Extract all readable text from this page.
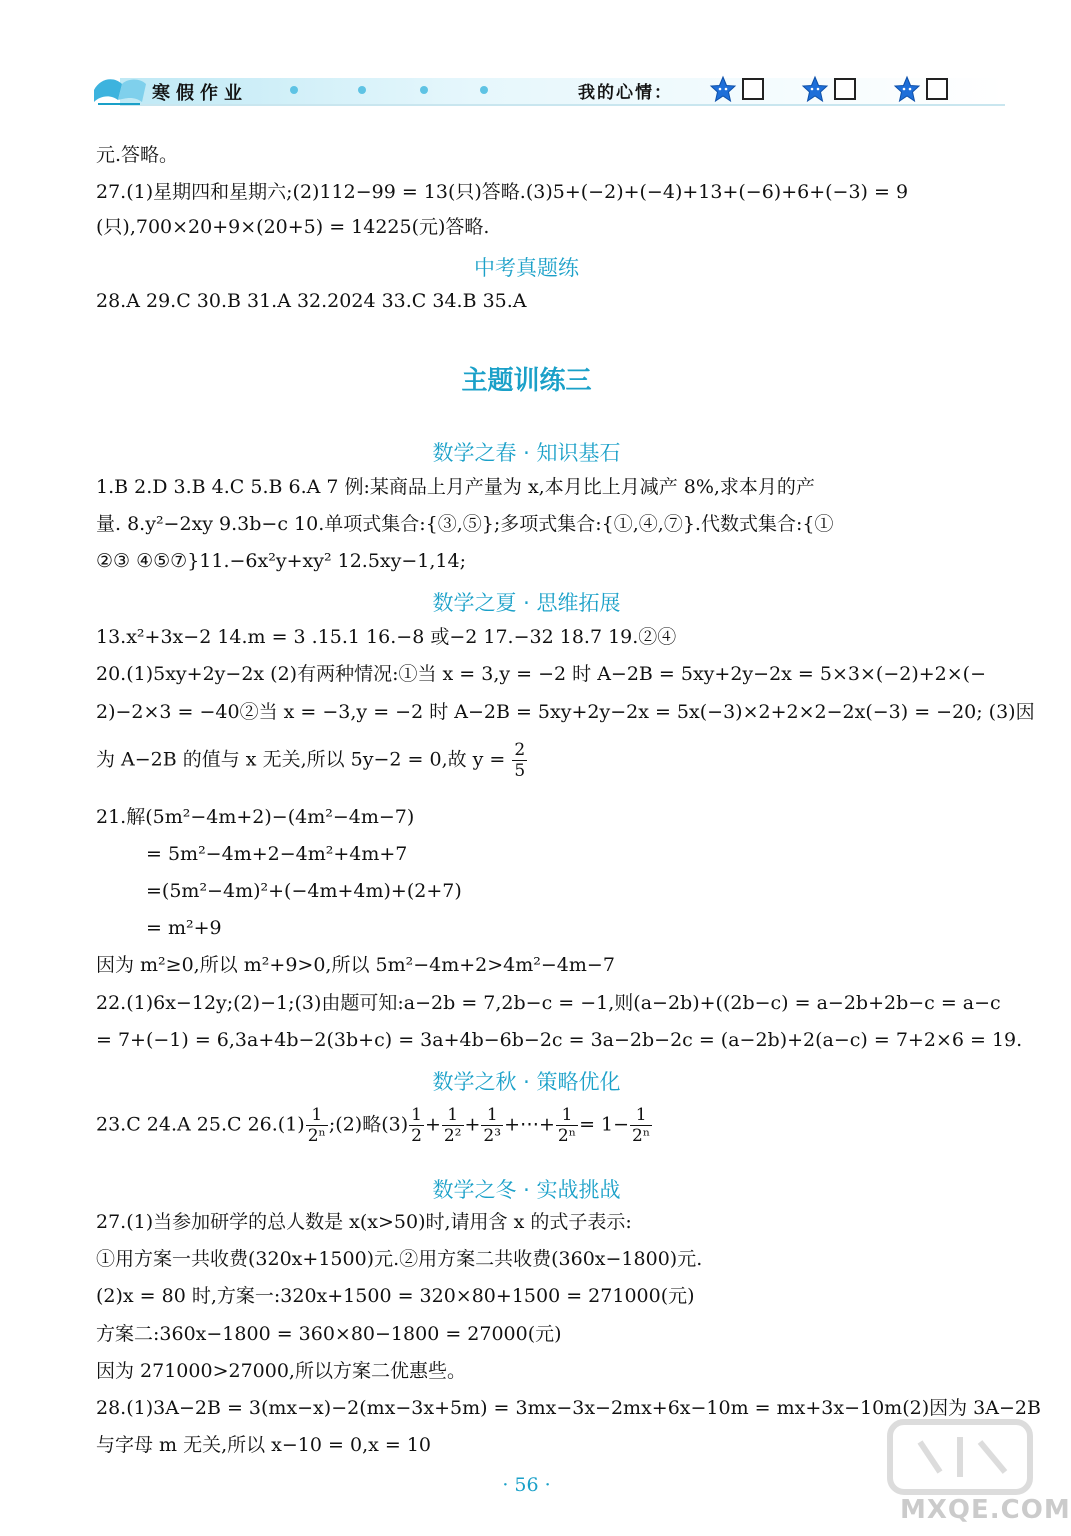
寒假作业	我的心情：
元.答略。
27.(1)星期四和星期六;(2)112−99 = 13(只)答略.(3)5+(−2)+(−4)+13+(−6)+6+(−3) = 9
(只),700×20+9×(20+5) = 14225(元)答略.
中考真题练
28.A 29.C 30.B 31.A 32.2024 33.C 34.B 35.A
主题训练三
数学之春 · 知识基石
1.B 2.D 3.B 4.C 5.B 6.A 7 例:某商品上月产量为 x,本月比上月减产 8%,求本月的产
量. 8.y²−2xy 9.3b−c 10.单项式集合:{③,⑤};多项式集合:{①,④,⑦}.代数式集合:{①
②③ ④⑤⑦}11.−6x²y+xy² 12.5xy−1,14;
数学之夏 · 思维拓展
13.x²+3x−2 14.m = 3 .15.1 16.−8 或−2 17.−32 18.7 19.②④
20.(1)5xy+2y−2x (2)有两种情况:①当 x = 3,y = −2 时 A−2B = 5xy+2y−2x = 5×3×(−2)+2×(−
2)−2×3 = −40②当 x = −3,y = −2 时 A−2B = 5xy+2y−2x = 5x(−3)×2+2×2−2x(−3) = −20; (3)因
为 A−2B 的值与 x 无关,所以 5y−2 = 0,故 $y = \frac{2}{5}$
21.解(5m²−4m+2)−(4m²−4m−7)
= 5m²−4m+2−4m²+4m+7
=(5m²−4m)²+(−4m+4m)+(2+7)
= m²+9
因为 m²≥0,所以 m²+9>0,所以 5m²−4m+2>4m²−4m−7
22.(1)6x−12y;(2)−1;(3)由题可知:a−2b = 7,2b−c = −1,则(a−2b)+((2b−c) = a−2b+2b−c = a−c
= 7+(−1) = 6,3a+4b−2(3b+c) = 3a+4b−6b−2c = 3a−2b−2c = (a−2b)+2(a−c) = 7+2×6 = 19.
数学之秋 · 策略优化
23.C 24.A 25.C $26.(1) \frac{1}{\text{2ⁿ}}$ ;(2)略$(3) \frac{1}{2} + \frac{1}{\text{2²}} + \frac{1}{\text{2³}}$ +⋯+ $\frac{1}{\text{2ⁿ}} = 1- \frac{1}{\text{2ⁿ}}$
数学之冬 · 实战挑战
27.(1)当参加研学的总人数是 x(x>50)时,请用含 x 的式子表示:
①用方案一共收费(320x+1500)元.②用方案二共收费(360x−1800)元.
(2)x = 80 时,方案一:320x+1500 = 320×80+1500 = 271000(元)
方案二:360x−1800 = 360×80−1800 = 27000(元)
因为 271000>27000,所以方案二优惠些。
28.(1)3A−2B = 3(mx−x)−2(mx−3x+5m) = 3mx−3x−2mx+6x−10m = mx+3x−10m(2)因为 3A−2B
与字母 m 无关,所以 x−10 = 0,x = 10
· 56 ·
MXQE.COM
